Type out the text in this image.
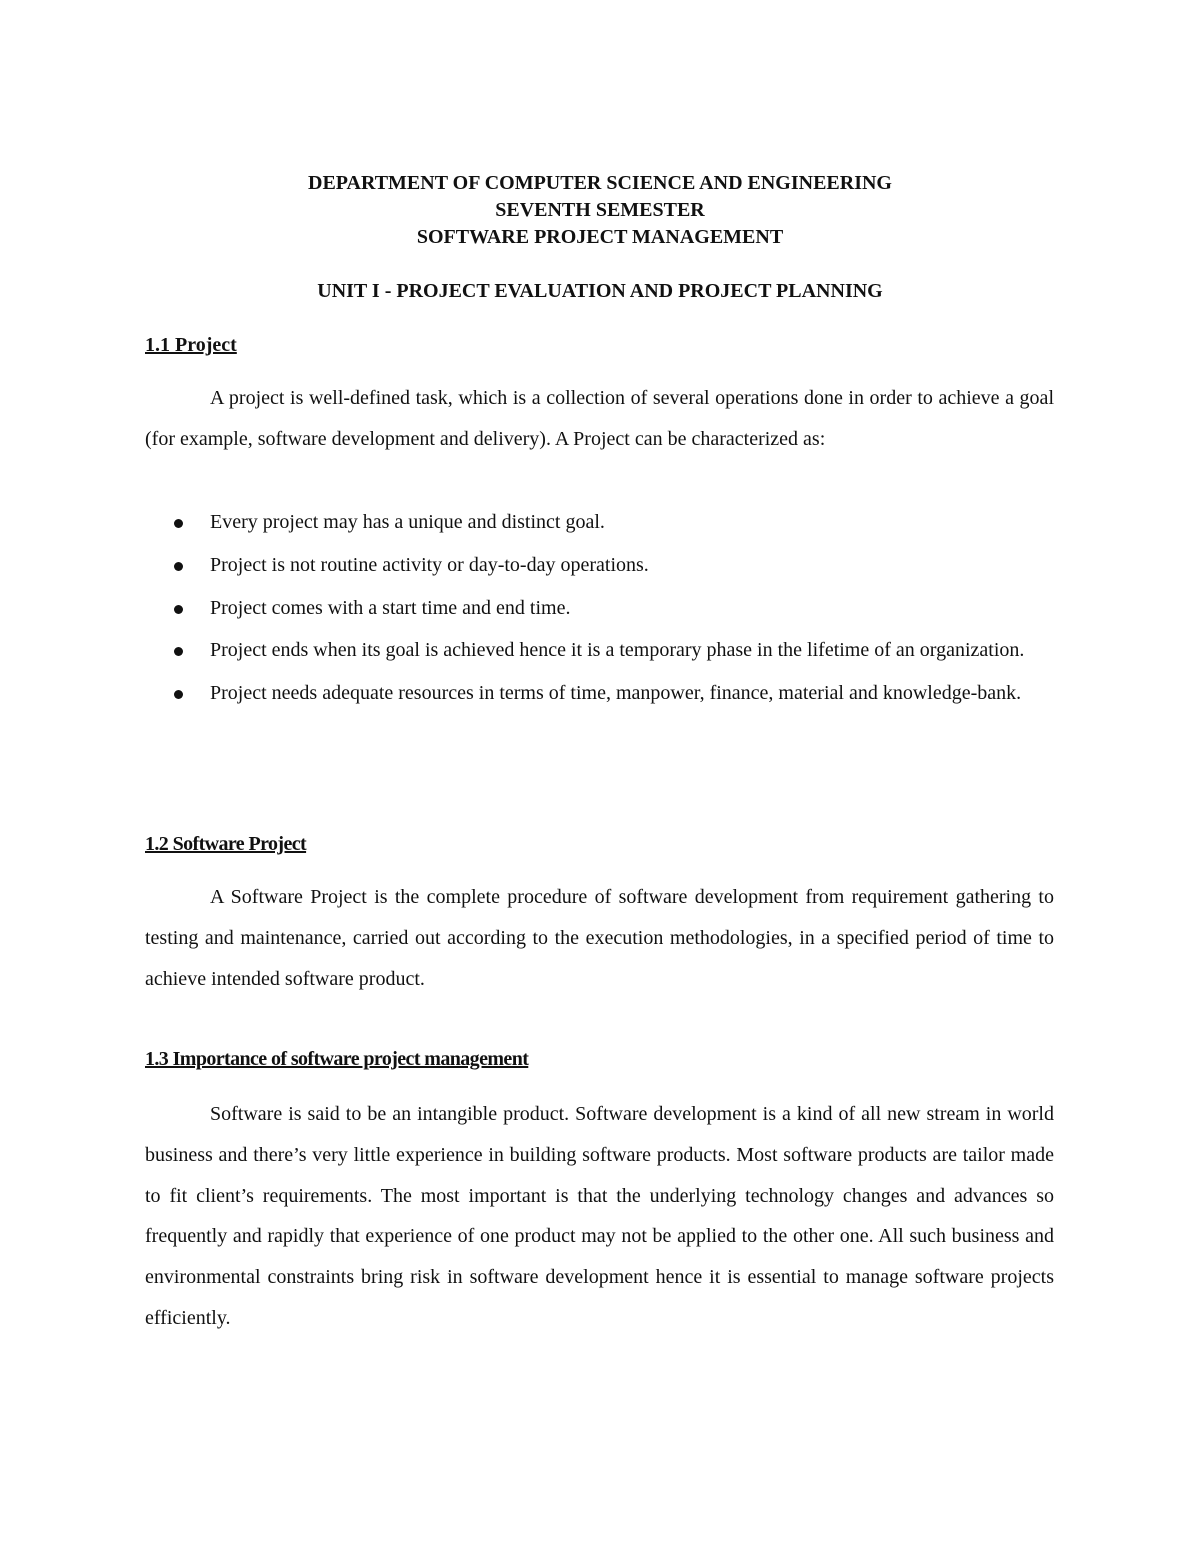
DEPARTMENT OF COMPUTER SCIENCE AND ENGINEERING
SEVENTH SEMESTER
SOFTWARE PROJECT MANAGEMENT
UNIT I - PROJECT EVALUATION AND PROJECT PLANNING
1.1 Project
A project is well-defined task, which is a collection of several operations done in order to achieve a goal (for example, software development and delivery). A Project can be characterized as:
Every project may has a unique and distinct goal.
Project is not routine activity or day-to-day operations.
Project comes with a start time and end time.
Project ends when its goal is achieved hence it is a temporary phase in the lifetime of an organization.
Project needs adequate resources in terms of time, manpower, finance, material and knowledge-bank.
1.2 Software Project
A Software Project is the complete procedure of software development from requirement gathering to testing and maintenance, carried out according to the execution methodologies, in a specified period of time to achieve intended software product.
1.3 Importance of software project management
Software is said to be an intangible product. Software development is a kind of all new stream in world business and there’s very little experience in building software products. Most software products are tailor made to fit client’s requirements. The most important is that the underlying technology changes and advances so frequently and rapidly that experience of one product may not be applied to the other one. All such business and environmental constraints bring risk in software development hence it is essential to manage software projects efficiently.
